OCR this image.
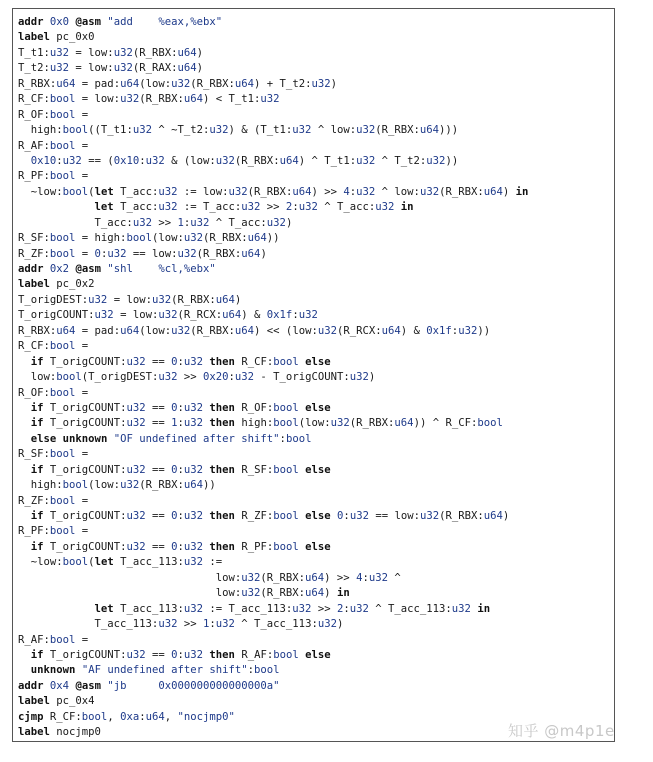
addr 0x0 @asm "add    %eax,%ebx"
label pc_0x0
T_t1:u32 = low:u32(R_RBX:u64)
T_t2:u32 = low:u32(R_RAX:u64)
R_RBX:u64 = pad:u64(low:u32(R_RBX:u64) + T_t2:u32)
R_CF:bool = low:u32(R_RBX:u64) < T_t1:u32
R_OF:bool =
high:bool((T_t1:u32 ^ ~T_t2:u32) & (T_t1:u32 ^ low:u32(R_RBX:u64)))
R_AF:bool =
0x10:u32 == (0x10:u32 & (low:u32(R_RBX:u64) ^ T_t1:u32 ^ T_t2:u32))
R_PF:bool =
~low:bool(let T_acc:u32 := low:u32(R_RBX:u64) >> 4:u32 ^ low:u32(R_RBX:u64) in
let T_acc:u32 := T_acc:u32 >> 2:u32 ^ T_acc:u32 in
T_acc:u32 >> 1:u32 ^ T_acc:u32)
R_SF:bool = high:bool(low:u32(R_RBX:u64))
R_ZF:bool = 0:u32 == low:u32(R_RBX:u64)
addr 0x2 @asm "shl    %cl,%ebx"
label pc_0x2
T_origDEST:u32 = low:u32(R_RBX:u64)
T_origCOUNT:u32 = low:u32(R_RCX:u64) & 0x1f:u32
R_RBX:u64 = pad:u64(low:u32(R_RBX:u64) << (low:u32(R_RCX:u64) & 0x1f:u32))
R_CF:bool =
if T_origCOUNT:u32 == 0:u32 then R_CF:bool else
low:bool(T_origDEST:u32 >> 0x20:u32 - T_origCOUNT:u32)
R_OF:bool =
if T_origCOUNT:u32 == 0:u32 then R_OF:bool else
if T_origCOUNT:u32 == 1:u32 then high:bool(low:u32(R_RBX:u64)) ^ R_CF:bool
else unknown "OF undefined after shift":bool
R_SF:bool =
if T_origCOUNT:u32 == 0:u32 then R_SF:bool else
high:bool(low:u32(R_RBX:u64))
R_ZF:bool =
if T_origCOUNT:u32 == 0:u32 then R_ZF:bool else 0:u32 == low:u32(R_RBX:u64)
R_PF:bool =
if T_origCOUNT:u32 == 0:u32 then R_PF:bool else
~low:bool(let T_acc_113:u32 :=
low:u32(R_RBX:u64) >> 4:u32 ^
low:u32(R_RBX:u64) in
let T_acc_113:u32 := T_acc_113:u32 >> 2:u32 ^ T_acc_113:u32 in
T_acc_113:u32 >> 1:u32 ^ T_acc_113:u32)
R_AF:bool =
if T_origCOUNT:u32 == 0:u32 then R_AF:bool else
unknown "AF undefined after shift":bool
addr 0x4 @asm "jb     0x000000000000000a"
label pc_0x4
cjmp R_CF:bool, 0xa:u64, "nocjmp0"
label nocjmp0	知乎 @m4p1e
